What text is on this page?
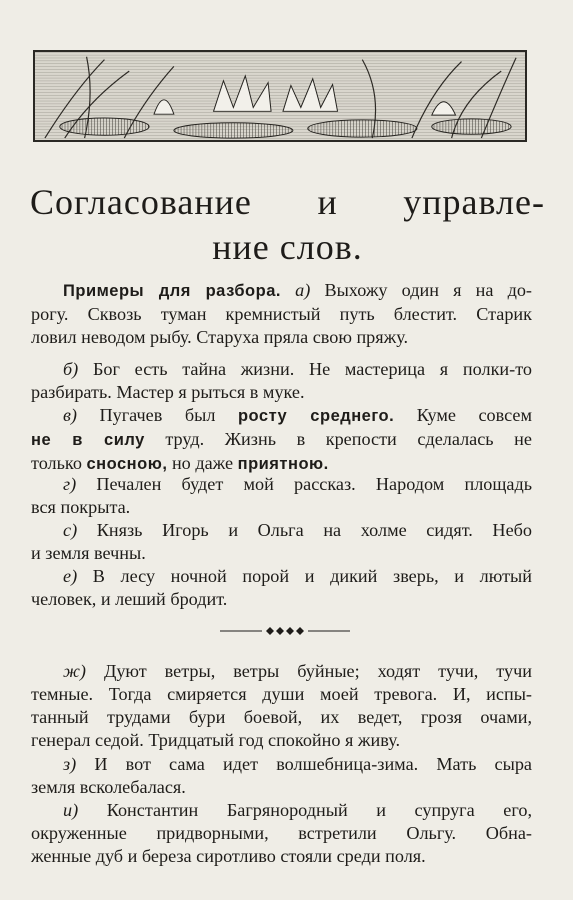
Согласование и управле-
ние слов.
Примеры для разбора. а) Выхожу один я на до-
рогу. Сквозь туман кремнистый путь блестит. Старик
ловил неводом рыбу. Старуха пряла свою пряжу.
б) Бог есть тайна жизни. Не мастерица я полки-то
разбирать. Мастер я рыться в муке.
в) Пугачев был росту среднего. Куме совсем
не в силу труд. Жизнь в крепости сделалась не
только сносною, но даже приятною.
г) Печален будет мой рассказ. Народом площадь
вся покрыта.
с) Князь Игорь и Ольга на холме сидят. Небо
и земля вечны.
е) В лесу ночной порой и дикий зверь, и лютый
человек, и леший бродит.
ж) Дуют ветры, ветры буйные; ходят тучи, тучи
темные. Тогда смиряется души моей тревога. И, испы-
танный трудами бури боевой, их ведет, грозя очами,
генерал седой. Тридцатый год спокойно я живу.
з) И вот сама идет волшебница-зима. Мать сыра
земля всколебалася.
и) Константин Багрянородный и супруга его,
окруженные придворными, встретили Ольгу. Обна-
женные дуб и береза сиротливо стояли среди поля.
